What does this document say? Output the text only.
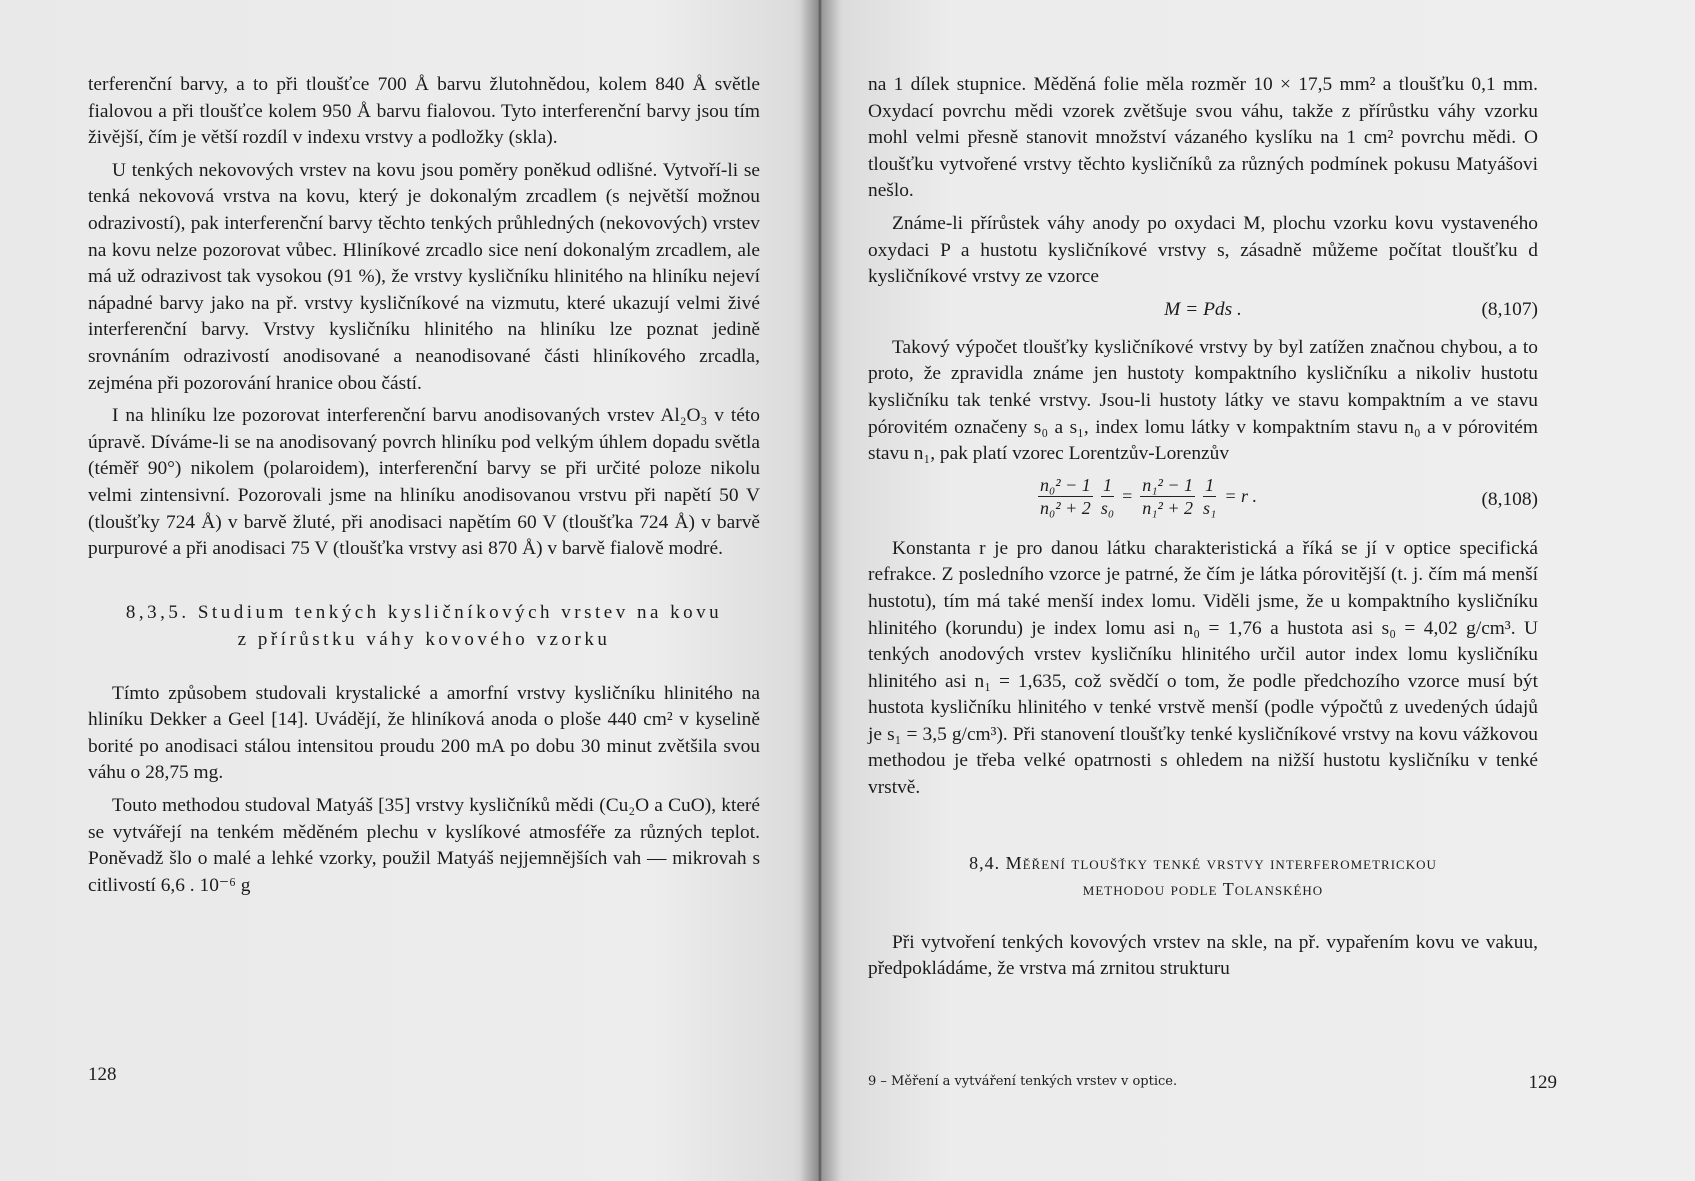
terferenční barvy, a to při tloušťce 700 Å barvu žlutohnědou, kolem 840 Å světle fialovou a při tloušťce kolem 950 Å barvu fialovou. Tyto interferenční barvy jsou tím živější, čím je větší rozdíl v indexu vrstvy a podložky (skla).

U tenkých nekovových vrstev na kovu jsou poměry poněkud odlišné. Vytvoří-li se tenká nekovová vrstva na kovu, který je dokonalým zrcadlem (s největší možnou odrazivostí), pak interferenční barvy těchto tenkých průhledných (nekovových) vrstev na kovu nelze pozorovat vůbec. Hliníkové zrcadlo sice není dokonalým zrcadlem, ale má už odrazivost tak vysokou (91 %), že vrstvy kysličníku hlinitého na hliníku nejeví nápadné barvy jako na př. vrstvy kysličníkové na vizmutu, které ukazují velmi živé interferenční barvy. Vrstvy kysličníku hlinitého na hliníku lze poznat jedině srovnáním odrazivostí anodisované a neanodisované části hliníkového zrcadla, zejména při pozorování hranice obou částí.

I na hliníku lze pozorovat interferenční barvu anodisovaných vrstev Al₂O₃ v této úpravě. Díváme-li se na anodisovaný povrch hliníku pod velkým úhlem dopadu světla (téměř 90°) nikolem (polaroidem), interferenční barvy se při určité poloze nikolu velmi zintensivní. Pozorovali jsme na hliníku anodisovanou vrstvu při napětí 50 V (tloušťky 724 Å) v barvě žluté, při anodisaci napětím 60 V (tloušťka 724 Å) v barvě purpurové a při anodisaci 75 V (tloušťka vrstvy asi 870 Å) v barvě fialově modré.

8,3,5. Studium tenkých kysličníkových vrstev na kovu
z přírůstku váhy kovového vzorku

Tímto způsobem studovali krystalické a amorfní vrstvy kysličníku hlinitého na hliníku Dekker a Geel [14]. Uvádějí, že hliníková anoda o ploše 440 cm² v kyselině borité po anodisaci stálou intensitou proudu 200 mA po dobu 30 minut zvětšila svou váhu o 28,75 mg.

Touto methodou studoval Matyáš [35] vrstvy kysličníků mědi (Cu₂O a CuO), které se vytvářejí na tenkém měděném plechu v kyslíkové atmosféře za různých teplot. Poněvadž šlo o malé a lehké vzorky, použil Matyáš nejjemnějších vah — mikrovah s citlivostí 6,6 . 10⁻⁶ g

128

na 1 dílek stupnice. Měděná folie měla rozměr 10 × 17,5 mm² a tloušťku 0,1 mm. Oxydací povrchu mědi vzorek zvětšuje svou váhu, takže z přírůstku váhy vzorku mohl velmi přesně stanovit množství vázaného kyslíku na 1 cm² povrchu mědi. O tloušťku vytvořené vrstvy těchto kysličníků za různých podmínek pokusu Matyášovi nešlo.

Známe-li přírůstek váhy anody po oxydaci M, plochu vzorku kovu vystaveného oxydaci P a hustotu kysličníkové vrstvy s, zásadně můžeme počítat tloušťku d kysličníkové vrstvy ze vzorce

M = Pds .	(8,107)

Takový výpočet tloušťky kysličníkové vrstvy by byl zatížen značnou chybou, a to proto, že zpravidla známe jen hustoty kompaktního kysličníku a nikoliv hustotu kysličníku tak tenké vrstvy. Jsou-li hustoty látky ve stavu kompaktním a ve stavu pórovitém označeny s₀ a s₁, index lomu látky v kompaktním stavu n₀ a v pórovitém stavu n₁, pak platí vzorec Lorentzův-Lorenzův

$\frac{\text{n₀² − 1}}{\text{n₀² + 2}} \frac{1}{\text{s₀}} = \frac{\text{n₁² − 1}}{\text{n₁² + 2}} \frac{1}{\text{s₁}} = r$ .	(8,108)

Konstanta r je pro danou látku charakteristická a říká se jí v optice specifická refrakce. Z posledního vzorce je patrné, že čím je látka pórovitější (t. j. čím má menší hustotu), tím má také menší index lomu. Viděli jsme, že u kompaktního kysličníku hlinitého (korundu) je index lomu asi n₀ = 1,76 a hustota asi s₀ = 4,02 g/cm³. U tenkých anodových vrstev kysličníku hlinitého určil autor index lomu kysličníku hlinitého asi n₁ = 1,635, což svědčí o tom, že podle předchozího vzorce musí být hustota kysličníku hlinitého v tenké vrstvě menší (podle výpočtů z uvedených údajů je s₁ = 3,5 g/cm³). Při stanovení tloušťky tenké kysličníkové vrstvy na kovu vážkovou methodou je třeba velké opatrnosti s ohledem na nižší hustotu kysličníku v tenké vrstvě.

8,4. Měření tloušťky tenké vrstvy interferometrickou
methodou podle Tolanského

Při vytvoření tenkých kovových vrstev na skle, na př. vypařením kovu ve vakuu, předpokládáme, že vrstva má zrnitou strukturu

9 – Měření a vytváření tenkých vrstev v optice.	129
